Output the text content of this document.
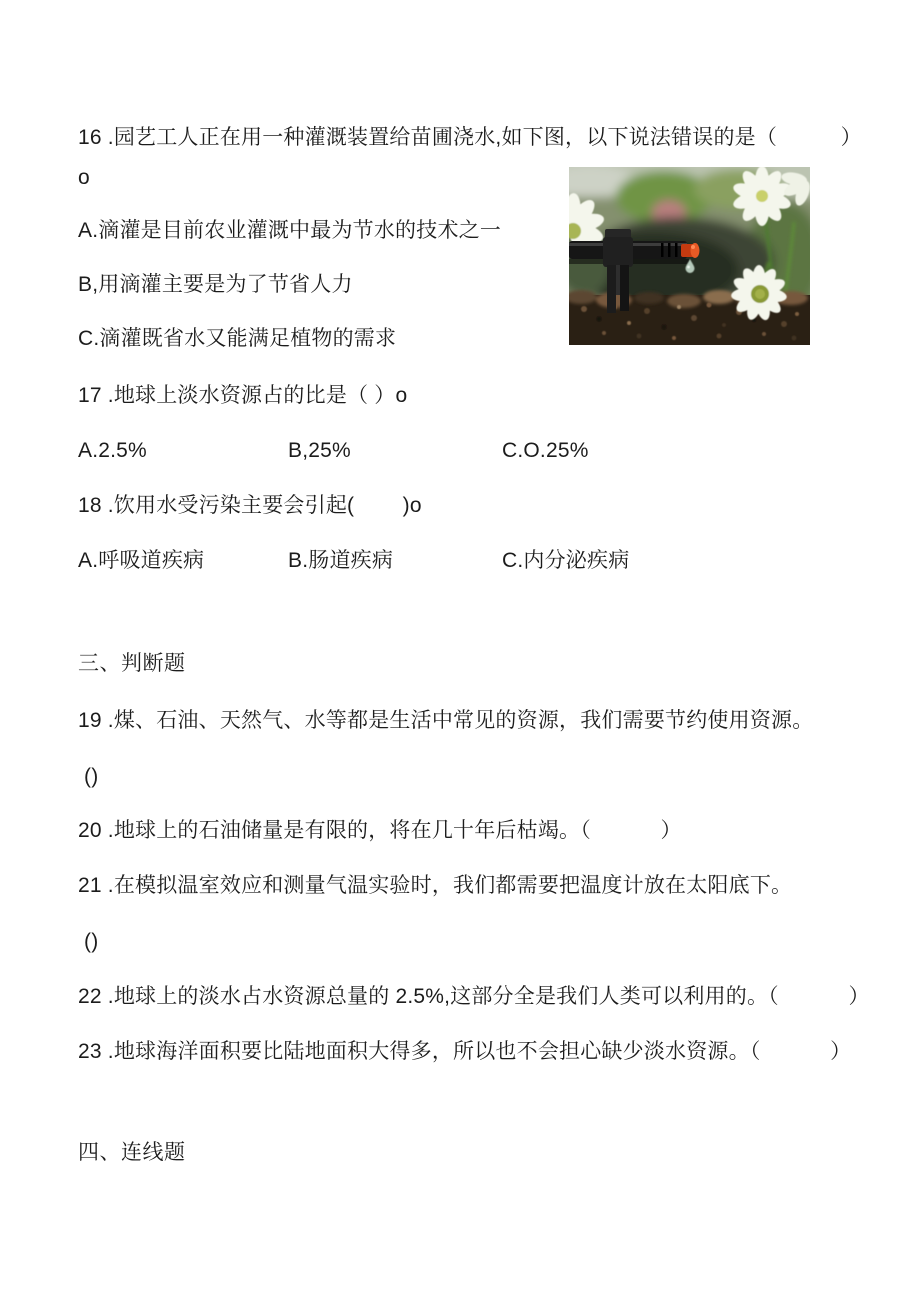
16 .园艺工人正在用一种灌溉装置给苗圃浇水,如下图，以下说法错误的是（　　　）
o
A.滴灌是目前农业灌溉中最为节水的技术之一
B,用滴灌主要是为了节省人力
C.滴灌既省水又能满足植物的需求
17 .地球上淡水资源占的比是（ ）o
A.2.5%	B,25%	C.O.25%
18 .饮用水受污染主要会引起(　　 )o
A.呼吸道疾病	B.肠道疾病	C.内分泌疾病
三、判断题
19 .煤、石油、天然气、水等都是生活中常见的资源，我们需要节约使用资源。
()
20 .地球上的石油储量是有限的，将在几十年后枯竭。（　　　 ）
21 .在模拟温室效应和测量气温实验时，我们都需要把温度计放在太阳底下。
()
22 .地球上的淡水占水资源总量的 2.5%,这部分全是我们人类可以利用的。（　　　 ）
23 .地球海洋面积要比陆地面积大得多，所以也不会担心缺少淡水资源。（　　　 ）
四、连线题
